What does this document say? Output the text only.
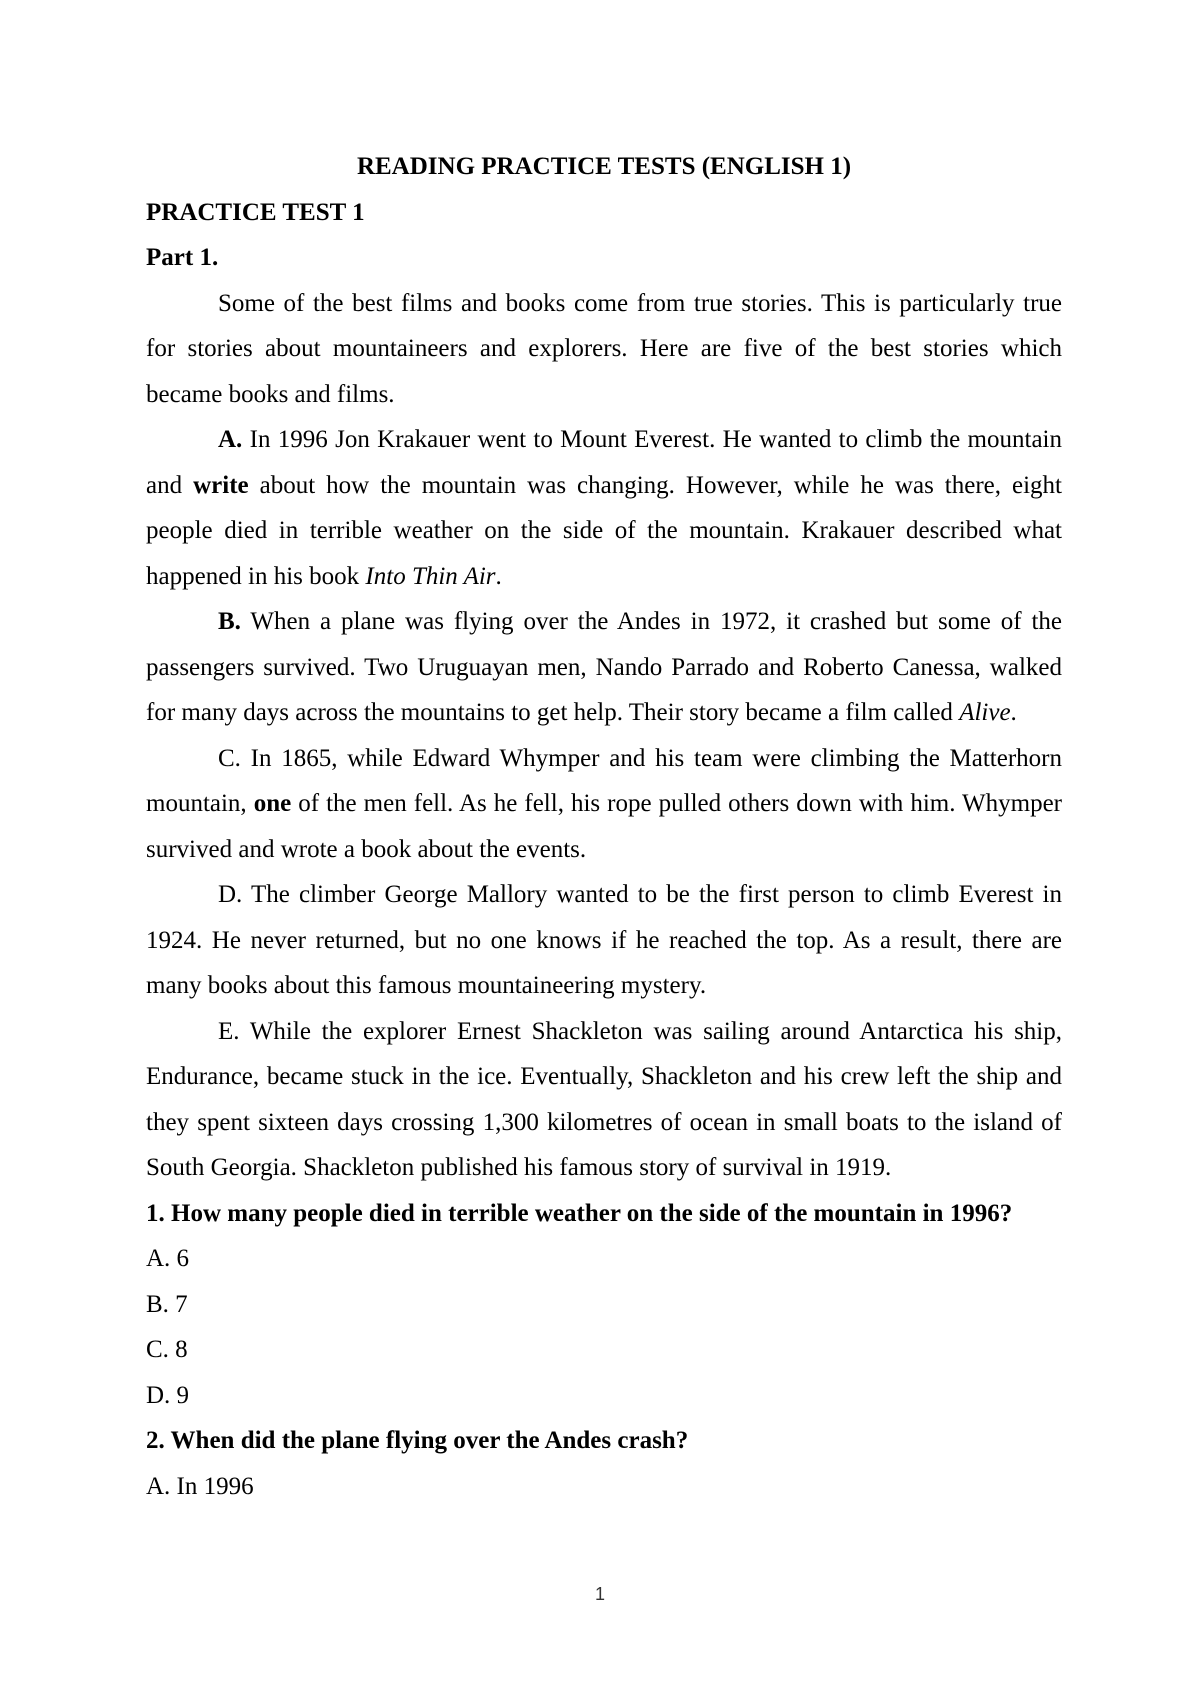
READING PRACTICE TESTS (ENGLISH 1)

PRACTICE TEST 1

Part 1.

Some of the best films and books come from true stories. This is particularly true for stories about mountaineers and explorers. Here are five of the best stories which became books and films.

A. In 1996 Jon Krakauer went to Mount Everest. He wanted to climb the mountain and write about how the mountain was changing. However, while he was there, eight people died in terrible weather on the side of the mountain. Krakauer described what happened in his book Into Thin Air.

B. When a plane was flying over the Andes in 1972, it crashed but some of the passengers survived. Two Uruguayan men, Nando Parrado and Roberto Canessa, walked for many days across the mountains to get help. Their story became a film called Alive.

C. In 1865, while Edward Whymper and his team were climbing the Matterhorn mountain, one of the men fell. As he fell, his rope pulled others down with him. Whymper survived and wrote a book about the events.

D. The climber George Mallory wanted to be the first person to climb Everest in 1924. He never returned, but no one knows if he reached the top. As a result, there are many books about this famous mountaineering mystery.

E. While the explorer Ernest Shackleton was sailing around Antarctica his ship, Endurance, became stuck in the ice. Eventually, Shackleton and his crew left the ship and they spent sixteen days crossing 1,300 kilometres of ocean in small boats to the island of South Georgia. Shackleton published his famous story of survival in 1919.

1. How many people died in terrible weather on the side of the mountain in 1996?

A. 6

B. 7

C. 8

D. 9

2. When did the plane flying over the Andes crash?

A. In 1996

1
